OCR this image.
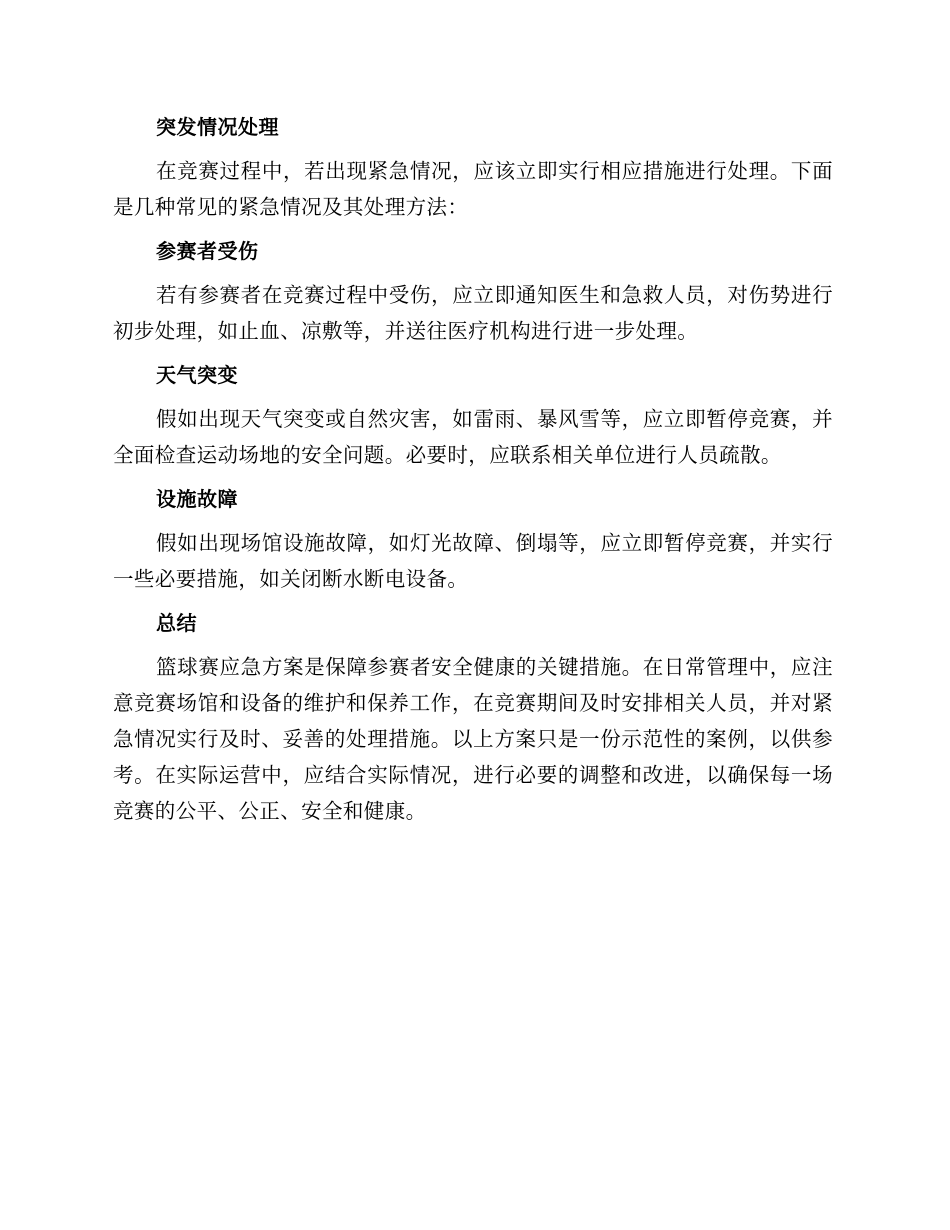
突发情况处理

在竞赛过程中，若出现紧急情况，应该立即实行相应措施进行处理。下面是几种常见的紧急情况及其处理方法：

参赛者受伤

若有参赛者在竞赛过程中受伤，应立即通知医生和急救人员，对伤势进行初步处理，如止血、凉敷等，并送往医疗机构进行进一步处理。

天气突变

假如出现天气突变或自然灾害，如雷雨、暴风雪等，应立即暂停竞赛，并全面检查运动场地的安全问题。必要时，应联系相关单位进行人员疏散。

设施故障

假如出现场馆设施故障，如灯光故障、倒塌等，应立即暂停竞赛，并实行一些必要措施，如关闭断水断电设备。

总结

篮球赛应急方案是保障参赛者安全健康的关键措施。在日常管理中，应注意竞赛场馆和设备的维护和保养工作，在竞赛期间及时安排相关人员，并对紧急情况实行及时、妥善的处理措施。以上方案只是一份示范性的案例，以供参考。在实际运营中，应结合实际情况，进行必要的调整和改进，以确保每一场竞赛的公平、公正、安全和健康。
